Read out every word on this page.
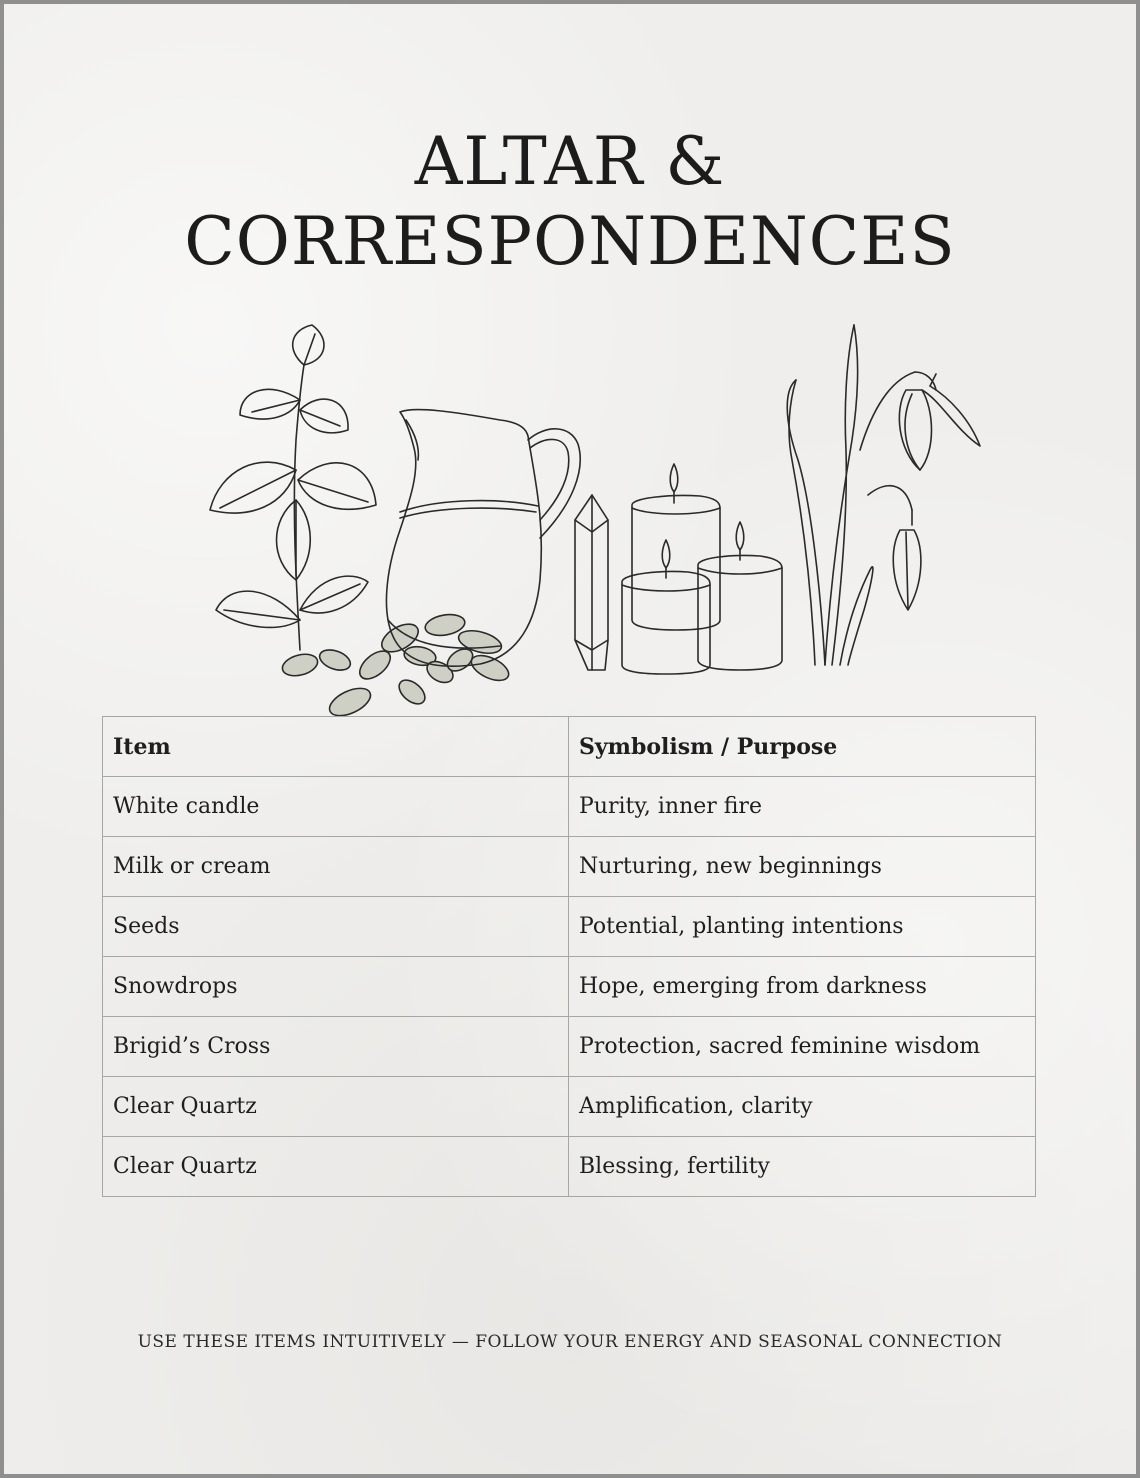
ALTAR &
CORRESPONDENCES
Item	Symbolism / Purpose
White candle	Purity, inner fire
Milk or cream	Nurturing, new beginnings
Seeds	Potential, planting intentions
Snowdrops	Hope, emerging from darkness
Brigid’s Cross	Protection, sacred feminine wisdom
Clear Quartz	Amplification, clarity
Clear Quartz	Blessing, fertility
USE THESE ITEMS INTUITIVELY — FOLLOW YOUR ENERGY AND SEASONAL CONNECTION
